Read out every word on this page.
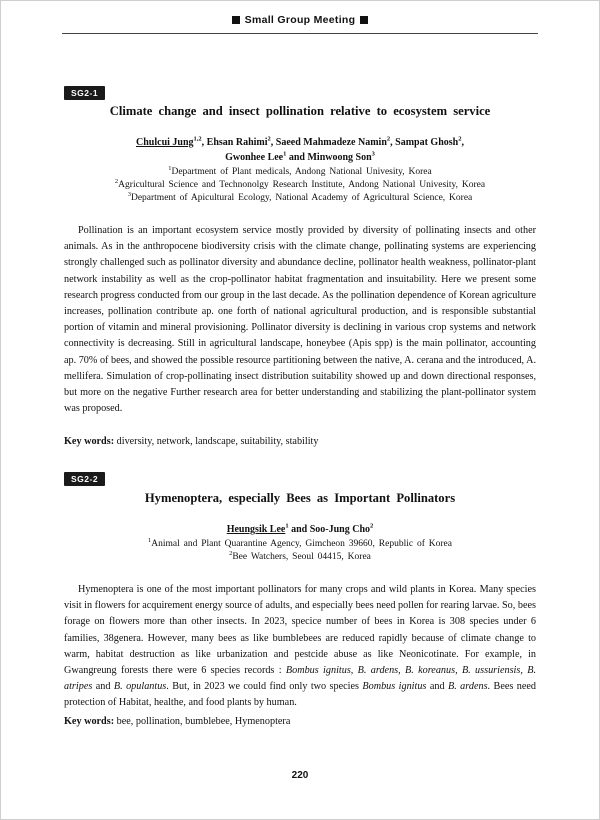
Small Group Meeting
SG2-1
Climate change and insect pollination relative to ecosystem service
Chulcui Jung$^{1,2}$, Ehsan Rahimi$^2$, Saeed Mahmadeze Namin$^2$, Sampat Ghosh$^2$,
Gwonhee Lee$^1$ and Minwoong Son$^3$
$^1$Department of Plant medicals, Andong National Univesity, Korea
$^2$Agricultural Science and Technonolgy Research Institute, Andong National Univesity, Korea
$^3$Department of Apicultural Ecology, National Academy of Agricultural Science, Korea
Pollination is an important ecosystem service mostly provided by diversity of pollinating insects and other animals. As in the anthropocene biodiversity crisis with the climate change, pollinating systems are experiencing strongly challenged such as pollinator diversity and abundance decline, pollinator health weakness, pollinator-plant network instability as well as the crop-pollinator habitat fragmentation and insuitability. Here we present some research progress conducted from our group in the last decade. As the pollination dependence of Korean agriculture increases, pollination contribute ap. one forth of national agricultural production, and is responsible substantial portion of vitamin and mineral provisioning. Pollinator diversity is declining in various crop systems and network connectivity is decreasing. Still in agricultural landscape, honeybee (Apis spp) is the main pollinator, accounting ap. 70% of bees, and showed the possible resource partitioning between the native, A. cerana and the introduced, A. mellifera. Simulation of crop-pollinating insect distribution suitability showed up and down directional responses, but more on the negative Further research area for better understanding and stabilizing the plant-pollinator system was proposed.
Key words: diversity, network, landscape, suitability, stability
SG2-2
Hymenoptera, especially Bees as Important Pollinators
Heungsik Lee$^1$ and Soo-Jung Cho$^2$
$^1$Animal and Plant Quarantine Agency, Gimcheon 39660, Republic of Korea
$^2$Bee Watchers, Seoul 04415, Korea
Hymenoptera is one of the most important pollinators for many crops and wild plants in Korea. Many species visit in flowers for acquirement energy source of adults, and especially bees need pollen for rearing larvae. So, bees forage on flowers more than other insects. In 2023, specice number of bees in Korea is 308 species under 6 families, 38genera. However, many bees as like bumblebees are reduced rapidly because of climate change to warm, habitat destruction as like urbanization and pestcide abuse as like Neonicotinate. For example, in Gwangreung forests there were 6 species records : Bombus ignitus, B. ardens, B. koreanus, B. ussuriensis, B. atripes and B. opulantus. But, in 2023 we could find only two species Bombus ignitus and B. ardens. Bees need protection of Habitat, healthe, and food plants by human.
Key words: bee, pollination, bumblebee, Hymenoptera
220
